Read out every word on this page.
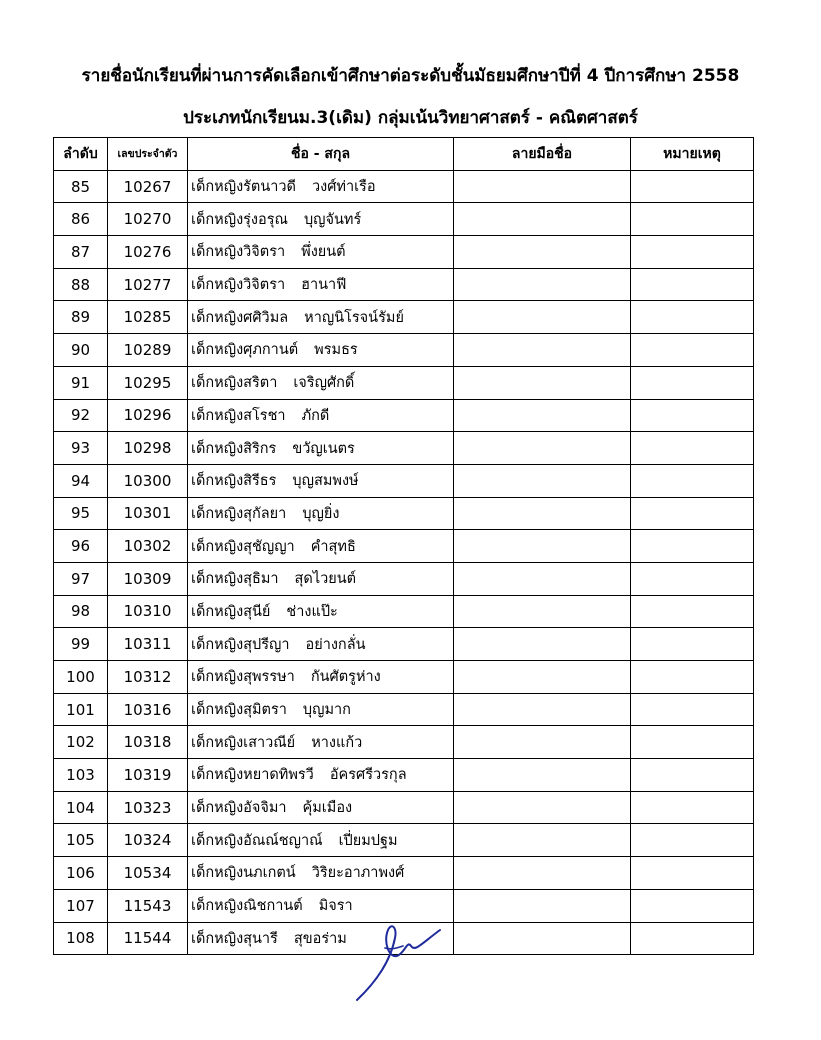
รายชื่อนักเรียนที่ผ่านการคัดเลือกเข้าศึกษาต่อระดับชั้นมัธยมศึกษาปีที่ 4 ปีการศึกษา 2558
ประเภทนักเรียนม.3(เดิม) กลุ่มเน้นวิทยาศาสตร์ - คณิตศาสตร์
ลำดับ	เลขประจำตัว	ชื่อ - สกุล	ลายมือชื่อ	หมายเหตุ
85	10267	เด็กหญิงรัตนาวดี วงศ์ท่าเรือ		
86	10270	เด็กหญิงรุ่งอรุณ บุญจันทร์		
87	10276	เด็กหญิงวิจิตรา พึ่งยนต์		
88	10277	เด็กหญิงวิจิตรา ฮานาฟี		
89	10285	เด็กหญิงศศิวิมล หาญนิโรจน์รัมย์		
90	10289	เด็กหญิงศุภกานต์ พรมธร		
91	10295	เด็กหญิงสริตา เจริญศักดิ์		
92	10296	เด็กหญิงสโรชา ภักดี		
93	10298	เด็กหญิงสิริกร ขวัญเนตร		
94	10300	เด็กหญิงสิรีธร บุญสมพงษ์		
95	10301	เด็กหญิงสุกัลยา บุญยิ่ง		
96	10302	เด็กหญิงสุชัญญา คำสุทธิ		
97	10309	เด็กหญิงสุธิมา สุดไวยนต์		
98	10310	เด็กหญิงสุนีย์ ช่างแป๊ะ		
99	10311	เด็กหญิงสุปรีญา อย่างกลั่น		
100	10312	เด็กหญิงสุพรรษา กันศัตรูห่าง		
101	10316	เด็กหญิงสุมิตรา บุญมาก		
102	10318	เด็กหญิงเสาวณีย์ หางแก้ว		
103	10319	เด็กหญิงหยาดทิพรวี อัครศรีวรกุล		
104	10323	เด็กหญิงอัจจิมา คุ้มเมือง		
105	10324	เด็กหญิงอัณณ์ชญาณ์ เปี่ยมปฐม		
106	10534	เด็กหญิงนภเกตน์ วิริยะอาภาพงศ์		
107	11543	เด็กหญิงณิชกานต์ มิจรา		
108	11544	เด็กหญิงสุนารี สุขอร่าม		
